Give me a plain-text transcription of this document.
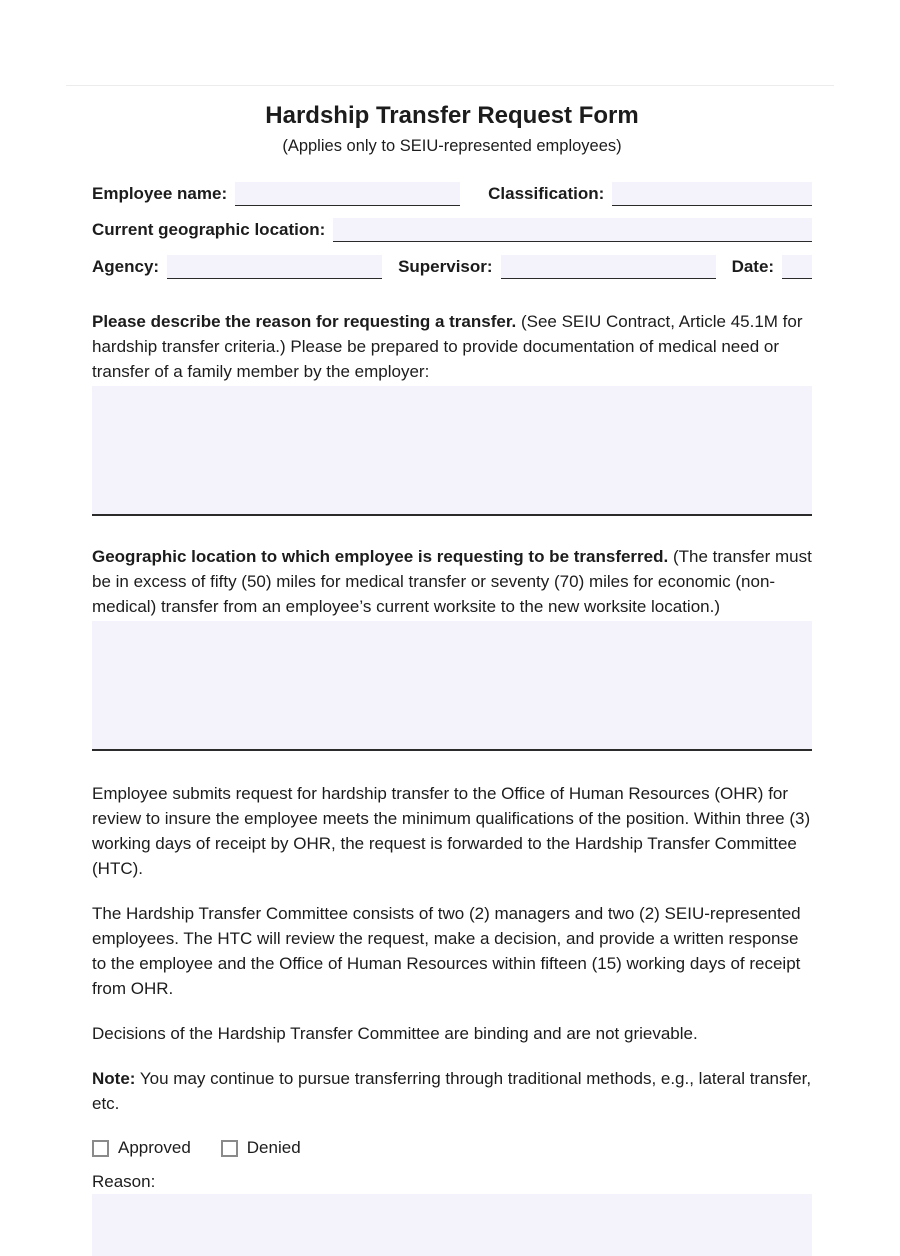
Hardship Transfer Request Form
(Applies only to SEIU-represented employees)
Employee name:	Classification:
Current geographic location:
Agency:	Supervisor:	Date:

Please describe the reason for requesting a transfer. (See SEIU Contract, Article 45.1M for hardship transfer criteria.) Please be prepared to provide documentation of medical need or transfer of a family member by the employer:

Geographic location to which employee is requesting to be transferred. (The transfer must be in excess of fifty (50) miles for medical transfer or seventy (70) miles for economic (non-medical) transfer from an employee’s current worksite to the new worksite location.)

Employee submits request for hardship transfer to the Office of Human Resources (OHR) for review to insure the employee meets the minimum qualifications of the position. Within three (3) working days of receipt by OHR, the request is forwarded to the Hardship Transfer Committee (HTC).

The Hardship Transfer Committee consists of two (2) managers and two (2) SEIU-represented employees. The HTC will review the request, make a decision, and provide a written response to the employee and the Office of Human Resources within fifteen (15) working days of receipt from OHR.

Decisions of the Hardship Transfer Committee are binding and are not grievable.

Note: You may continue to pursue transferring through traditional methods, e.g., lateral transfer, etc.

Approved	Denied
Reason:
